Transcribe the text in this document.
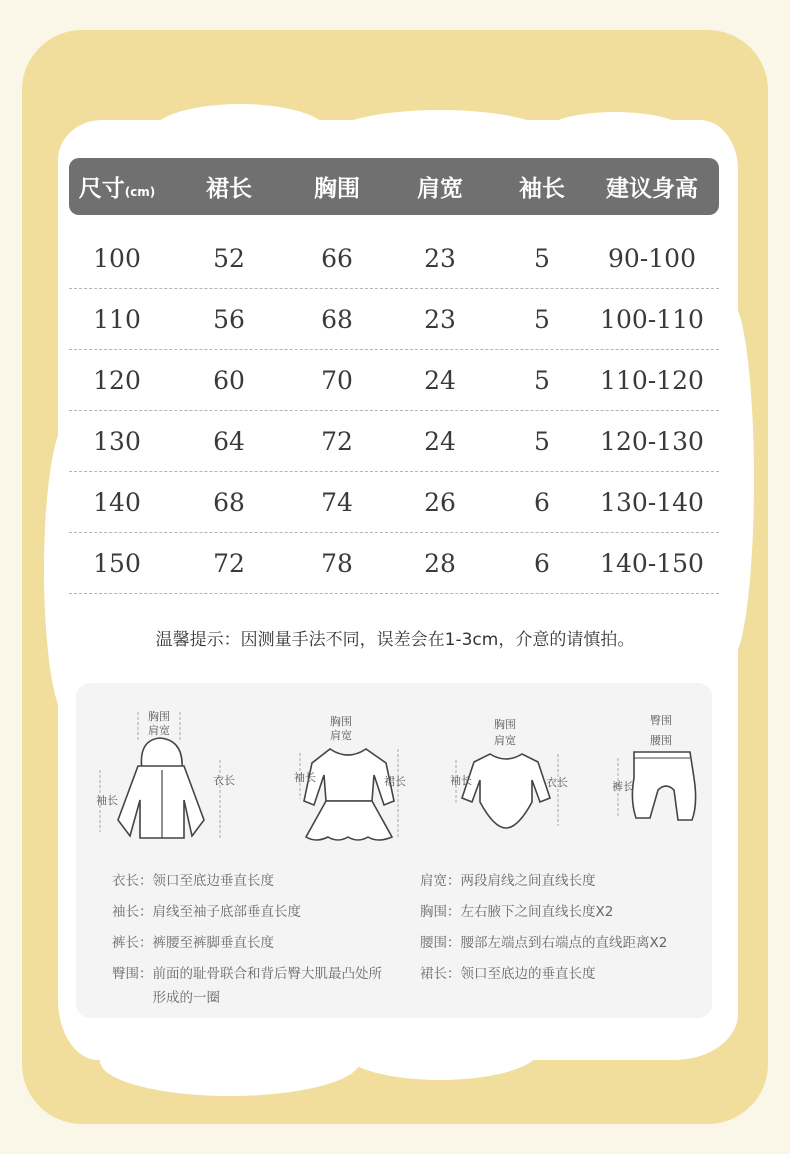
尺寸(cm)	裙长	胸围	肩宽	袖长	建议身高
100	52	66	23	5	90-100
110	56	68	23	5	100-110
120	60	70	24	5	110-120
130	64	72	24	5	120-130
140	68	74	26	6	130-140
150	72	78	28	6	140-150
温馨提示：因测量手法不同，误差会在1-3cm，介意的请慎拍。
胸围
肩宽
衣长
袖长
胸围
肩宽
袖长	裙长
胸围
肩宽
袖长	衣长
臀围
腰围
裤长
衣长：领口至底边垂直长度
袖长：肩线至袖子底部垂直长度
裤长：裤腰至裤脚垂直长度
臀围： 前面的耻骨联合和背后臀大肌最凸处所形成的一圈
肩宽：两段肩线之间直线长度
胸围：左右腋下之间直线长度X2
腰围：腰部左端点到右端点的直线距离X2
裙长：领口至底边的垂直长度
